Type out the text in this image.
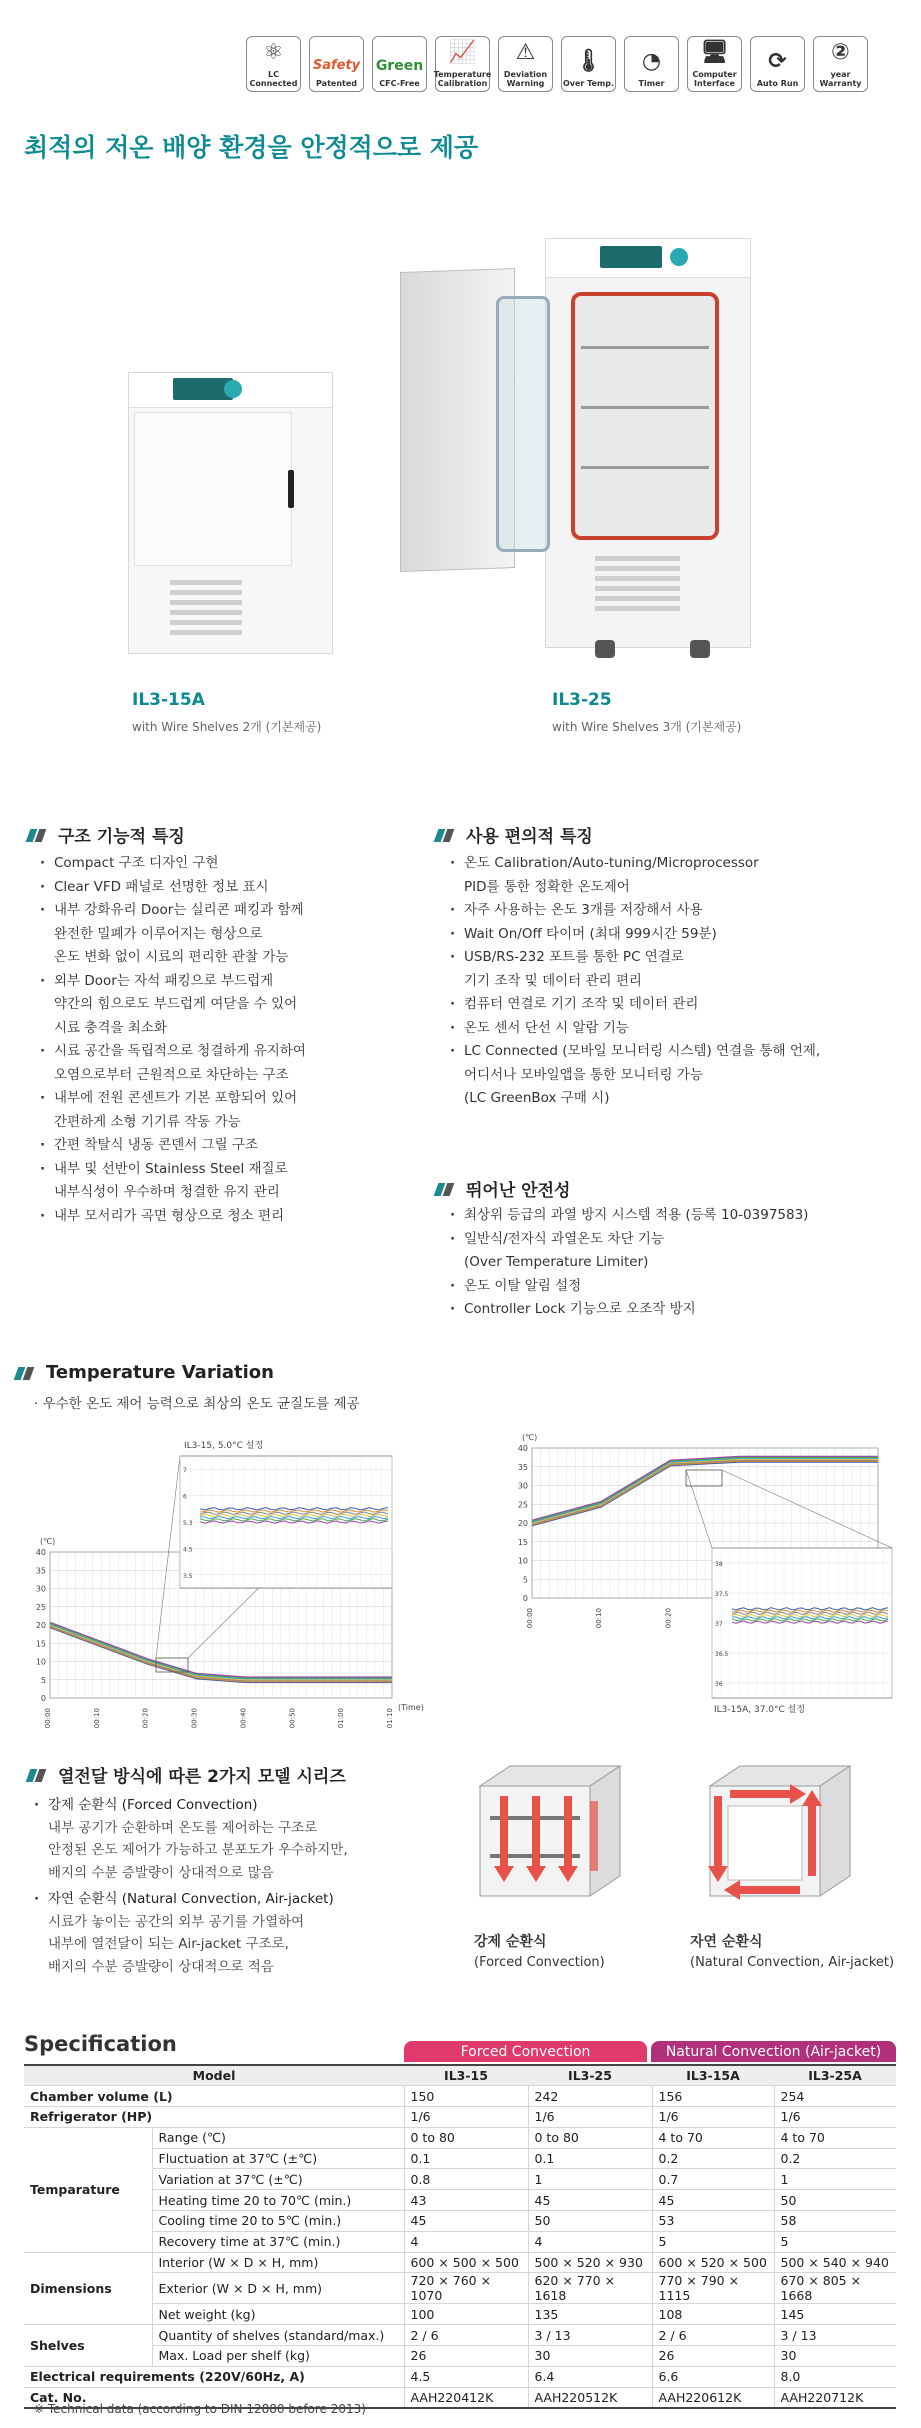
⚛
LC
Connected
Safety
Patented
Green
CFC-Free
📈
Temperature
Calibration
⚠
Deviation
Warning
🌡
Over Temp.
◔
Timer
🖥
Computer
Interface
⟳
Auto Run
②
year
Warranty
최적의 저온 배양 환경을 안정적으로 제공
IL3-15A
with Wire Shelves 2개 (기본제공)
IL3-25
with Wire Shelves 3개 (기본제공)
구조 기능적 특징
· Compact 구조 디자인 구현
· Clear VFD 패널로 선명한 정보 표시
· 내부 강화유리 Door는 실리콘 패킹과 함께
완전한 밀폐가 이루어지는 형상으로
온도 변화 없이 시료의 편리한 관찰 가능
· 외부 Door는 자석 패킹으로 부드럽게
약간의 힘으로도 부드럽게 여닫을 수 있어
시료 충격을 최소화
· 시료 공간을 독립적으로 청결하게 유지하여
오염으로부터 근원적으로 차단하는 구조
· 내부에 전원 콘센트가 기본 포함되어 있어
간편하게 소형 기기류 작동 가능
· 간편 착탈식 냉동 콘덴서 그릴 구조
· 내부 및 선반이 Stainless Steel 재질로
내부식성이 우수하며 청결한 유지 관리
· 내부 모서리가 곡면 형상으로 청소 편리
사용 편의적 특징
· 온도 Calibration/Auto-tuning/Microprocessor
PID를 통한 정확한 온도제어
· 자주 사용하는 온도 3개를 저장해서 사용
· Wait On/Off 타이머 (최대 999시간 59분)
· USB/RS-232 포트를 통한 PC 연결로
기기 조작 및 데이터 관리 편리
· 컴퓨터 연결로 기기 조작 및 데이터 관리
· 온도 센서 단선 시 알람 기능
· LC Connected (모바일 모니터링 시스템) 연결을 통해 언제,
어디서나 모바일앱을 통한 모니터링 가능
(LC GreenBox 구매 시)
뛰어난 안전성
· 최상위 등급의 과열 방지 시스템 적용 (등록 10-0397583)
· 일반식/전자식 과열온도 차단 기능
(Over Temperature Limiter)
· 온도 이탈 알림 설정
· Controller Lock 기능으로 오조작 방지
Temperature Variation
· 우수한 온도 제어 능력으로 최상의 온도 균질도를 제공
0
5
10
15
20
25
30
35
40
(℃)
00:00	00:10	00:20	00:30	00:40	00:50	01:00	01:10
(Time)
3.5
4.5
5.3
6
7
IL3-15, 5.0°C 설정
0
5
10
15
20
25
30
35
40
(℃)
00:00	00:10	00:20
36
36.5
37
37.5
38
IL3-15A, 37.0°C 설정
열전달 방식에 따른 2가지 모델 시리즈
· 강제 순환식 (Forced Convection)
내부 공기가 순환하며 온도를 제어하는 구조로
안정된 온도 제어가 가능하고 분포도가 우수하지만,
배지의 수분 증발량이 상대적으로 많음
· 자연 순환식 (Natural Convection, Air-jacket)
시료가 놓이는 공간의 외부 공기를 가열하여
내부에 열전달이 되는 Air-jacket 구조로,
배지의 수분 증발량이 상대적으로 적음
강제 순환식
(Forced Convection)
자연 순환식
(Natural Convection, Air-jacket)
Specification	Forced Convection	Natural Convection (Air-jacket)
Model		IL3-15	IL3-25	IL3-15A	IL3-25A
Chamber volume (L)		150	242	156	254
Refrigerator (HP)		1/6	1/6	1/6	1/6
Temparature	Range (℃)	0 to 80	0 to 80	4 to 70	4 to 70
	Fluctuation at 37℃ (±℃)	0.1	0.1	0.2	0.2
	Variation at 37℃ (±℃)	0.8	1	0.7	1
	Heating time 20 to 70℃ (min.)	43	45	45	50
	Cooling time 20 to 5℃ (min.)	45	50	53	58
	Recovery time at 37℃ (min.)	4	4	5	5
Dimensions	Interior (W × D × H, mm)	600 × 500 × 500	500 × 520 × 930	600 × 520 × 500	500 × 540 × 940
	Exterior (W × D × H, mm)	720 × 760 × 1070	620 × 770 × 1618	770 × 790 × 1115	670 × 805 × 1668
	Net weight (kg)	100	135	108	145
Shelves	Quantity of shelves (standard/max.)	2 / 6	3 / 13	2 / 6	3 / 13
	Max. Load per shelf (kg)	26	30	26	30
Electrical requirements (220V/60Hz, A)		4.5	6.4	6.6	8.0
Cat. No.		AAH220412K	AAH220512K	AAH220612K	AAH220712K
※ Technical data (according to DIN 12880 before 2013)
